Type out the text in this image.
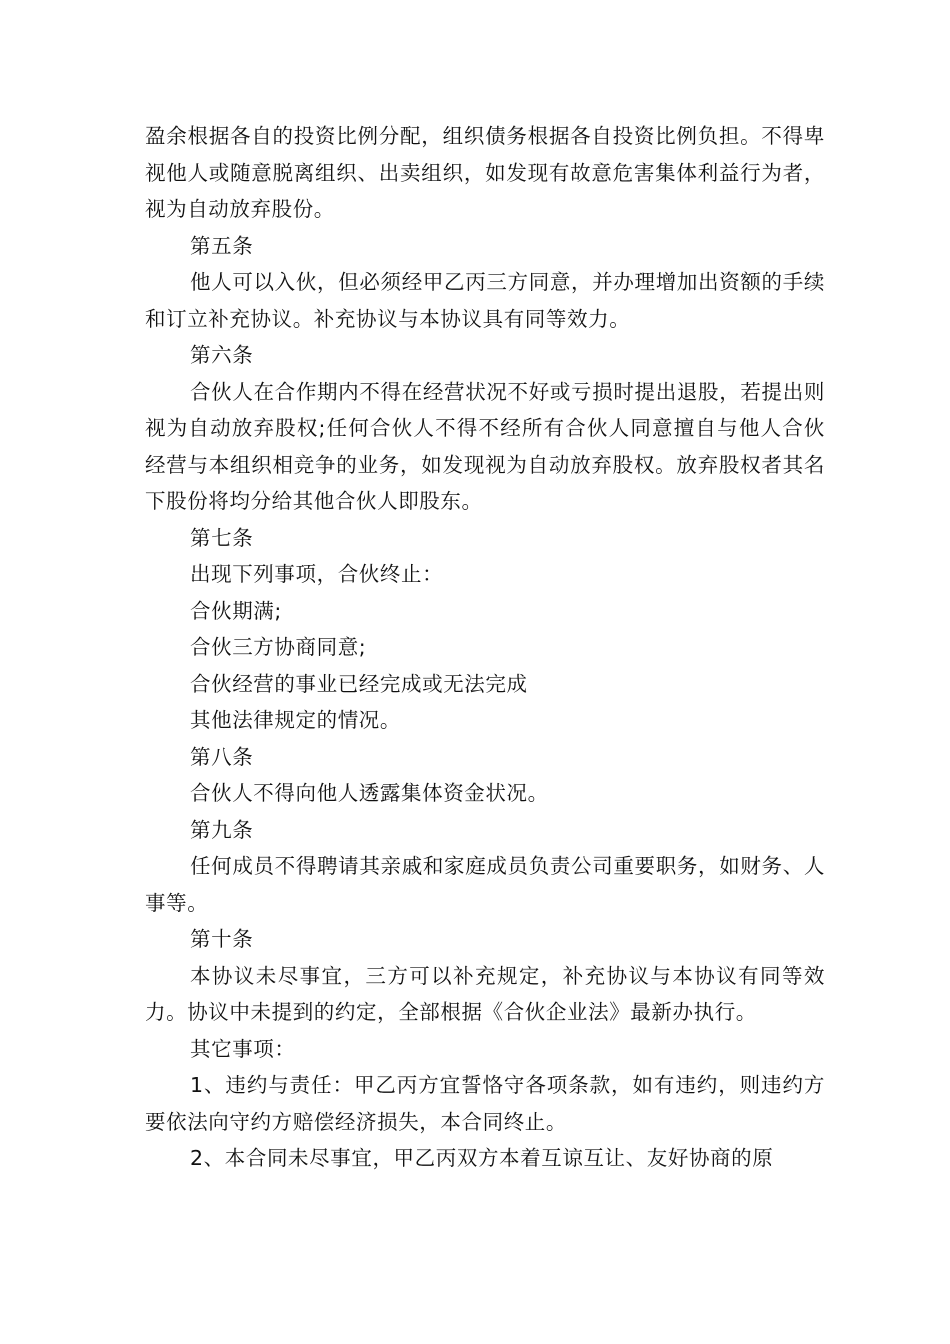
盈余根据各自的投资比例分配，组织债务根据各自投资比例负担。不得卑视他人或随意脱离组织、出卖组织，如发现有故意危害集体利益行为者，视为自动放弃股份。

第五条

他人可以入伙，但必须经甲乙丙三方同意，并办理增加出资额的手续和订立补充协议。补充协议与本协议具有同等效力。

第六条

合伙人在合作期内不得在经营状况不好或亏损时提出退股，若提出则视为自动放弃股权;任何合伙人不得不经所有合伙人同意擅自与他人合伙经营与本组织相竞争的业务，如发现视为自动放弃股权。放弃股权者其名下股份将均分给其他合伙人即股东。

第七条

出现下列事项，合伙终止：

合伙期满;

合伙三方协商同意;

合伙经营的事业已经完成或无法完成

其他法律规定的情况。

第八条

合伙人不得向他人透露集体资金状况。

第九条

任何成员不得聘请其亲戚和家庭成员负责公司重要职务，如财务、人事等。

第十条

本协议未尽事宜，三方可以补充规定，补充协议与本协议有同等效力。协议中未提到的约定，全部根据《合伙企业法》最新办执行。

其它事项：

1、违约与责任：甲乙丙方宜誓恪守各项条款，如有违约，则违约方要依法向守约方赔偿经济损失，本合同终止。

2、本合同未尽事宜，甲乙丙双方本着互谅互让、友好协商的原
